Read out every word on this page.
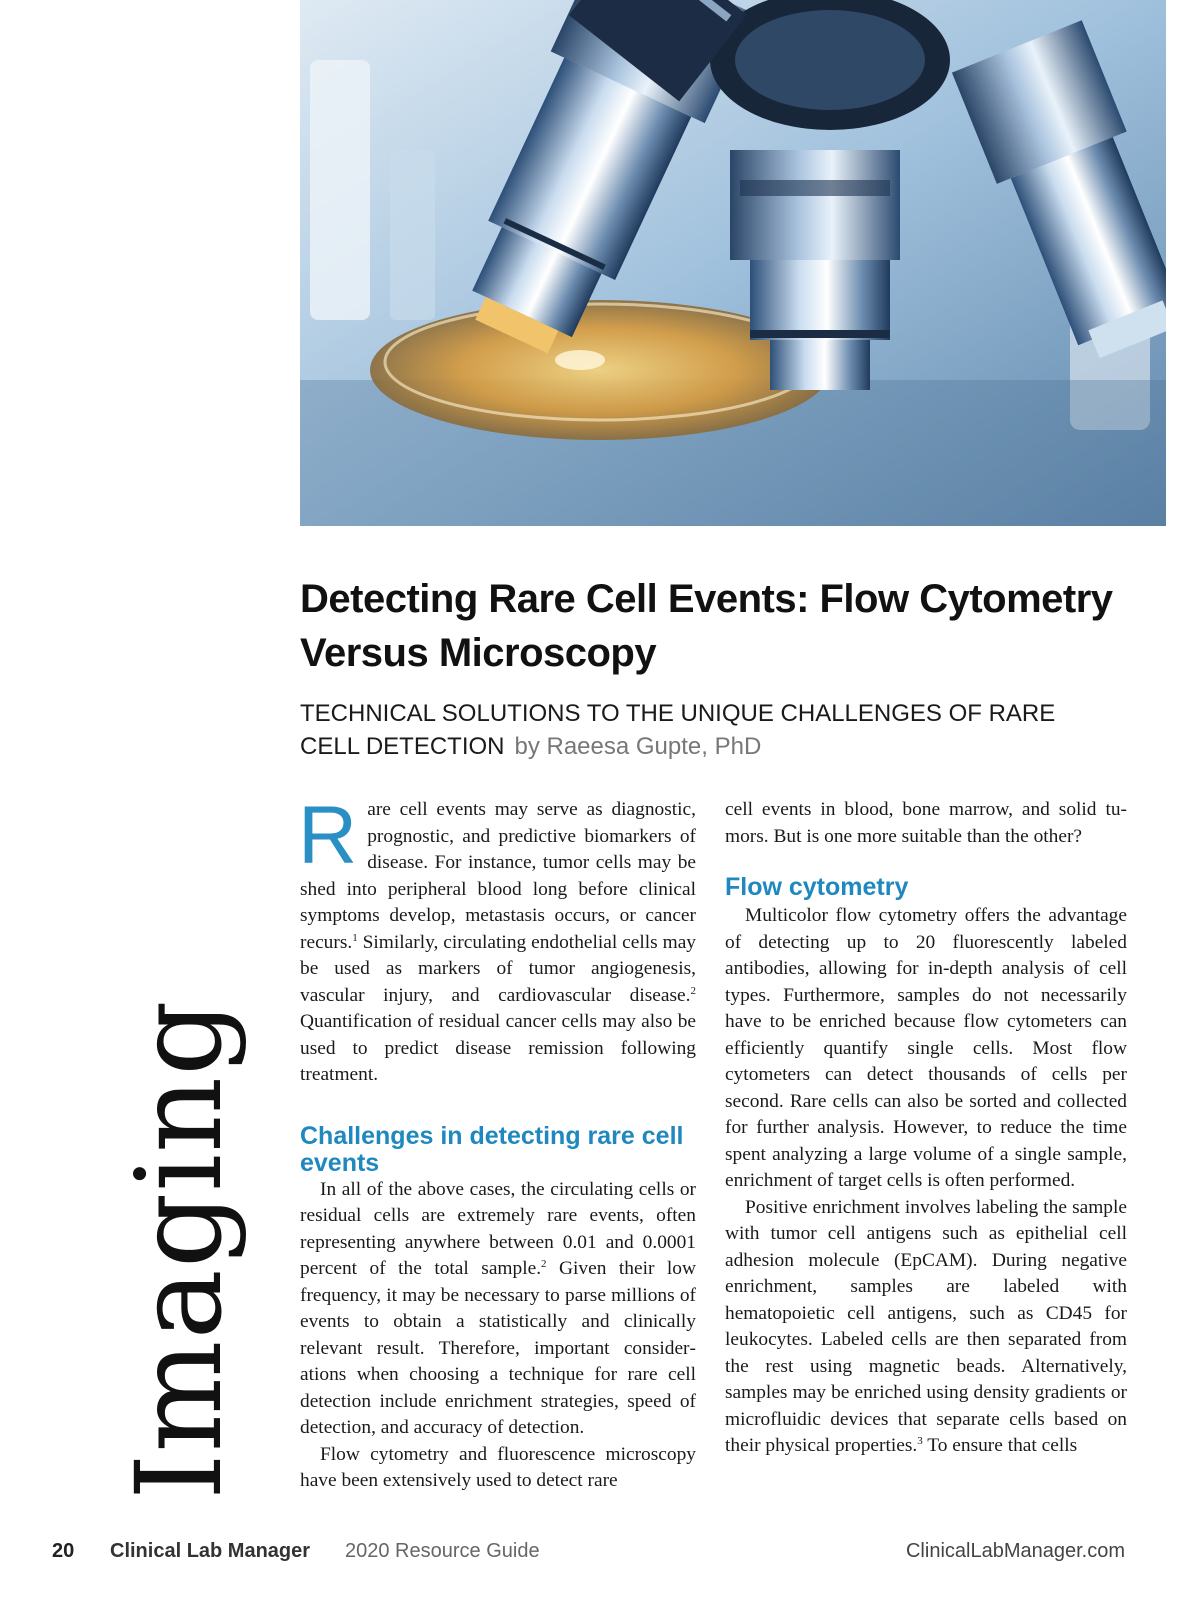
Imaging
Detecting Rare Cell Events: Flow Cytometry Versus Microscopy

TECHNICAL SOLUTIONS TO THE UNIQUE CHALLENGES OF RARE CELL DETECTION by Raeesa Gupte, PhD

Rare cell events may serve as diagnostic, prognostic, and predictive biomarkers of disease. For instance, tumor cells may be shed into peripheral blood long before clinical symptoms develop, metastasis occurs, or cancer recurs.$^1$ Similarly, circulating endothelial cells may be used as markers of tumor angiogenesis, vascular injury, and cardiovascular disease.$^2$ Quantification of residual cancer cells may also be used to predict disease remission following treatment.

Challenges in detecting rare cell events

In all of the above cases, the circulating cells or residual cells are extremely rare events, often representing anywhere between 0.01 and 0.0001 percent of the total sample.$^2$ Given their low frequency, it may be necessary to parse millions of events to obtain a statistically and clinically relevant result. Therefore, important considerations when choosing a technique for rare cell detection include enrichment strategies, speed of detection, and accuracy of detection.

Flow cytometry and fluorescence microscopy have been extensively used to detect rare

cell events in blood, bone marrow, and solid tumors. But is one more suitable than the other?

Flow cytometry

Multicolor flow cytometry offers the advantage of detecting up to 20 fluorescently labeled antibodies, allowing for in-depth analysis of cell types. Furthermore, samples do not necessarily have to be enriched because flow cytometers can efficiently quantify single cells. Most flow cytometers can detect thousands of cells per second. Rare cells can also be sorted and collected for further analysis. However, to reduce the time spent analyzing a large volume of a single sample, enrichment of target cells is often performed.

Positive enrichment involves labeling the sample with tumor cell antigens such as epithelial cell adhesion molecule (EpCAM). During negative enrichment, samples are labeled with hematopoietic cell antigens, such as CD45 for leukocytes. Labeled cells are then separated from the rest using magnetic beads. Alternatively, samples may be enriched using density gradients or microfluidic devices that separate cells based on their physical properties.$^3$ To ensure that cells

20 Clinical Lab Manager 2020 Resource Guide	ClinicalLabManager.com
